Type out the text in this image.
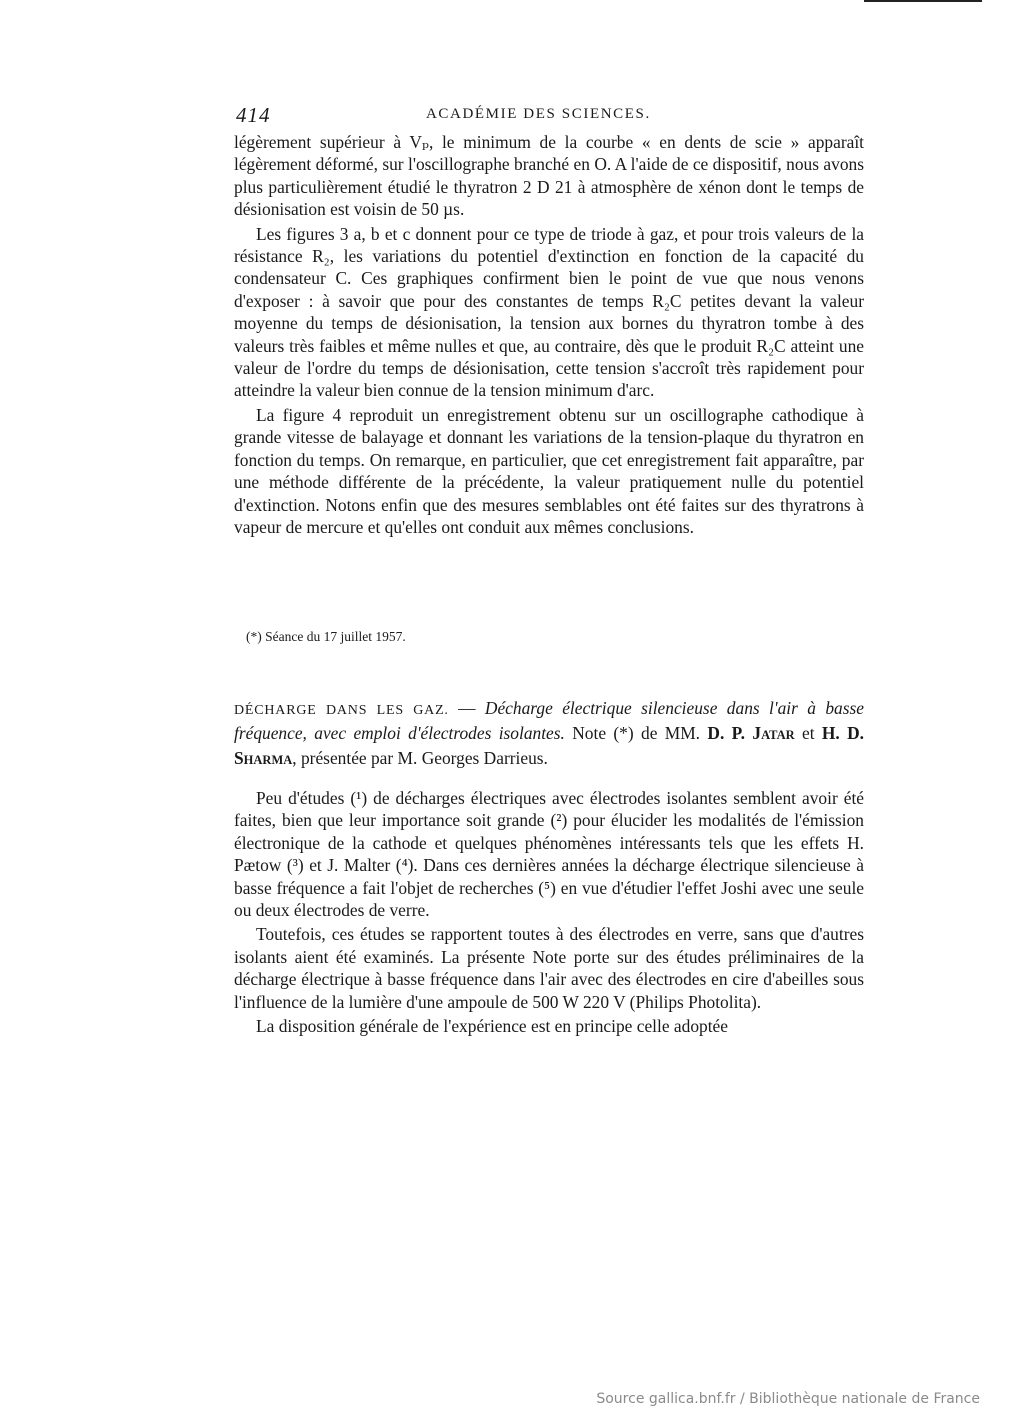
414	ACADÉMIE DES SCIENCES.

légèrement supérieur à Vₚ, le minimum de la courbe « en dents de scie » apparaît légèrement déformé, sur l'oscillographe branché en O. A l'aide de ce dispositif, nous avons plus particulièrement étudié le thyratron 2 D 21 à atmosphère de xénon dont le temps de désionisation est voisin de 50 µs.

Les figures 3 a, b et c donnent pour ce type de triode à gaz, et pour trois valeurs de la résistance R₂, les variations du potentiel d'extinction en fonction de la capacité du condensateur C. Ces graphiques confirment bien le point de vue que nous venons d'exposer : à savoir que pour des constantes de temps R₂C petites devant la valeur moyenne du temps de désionisation, la tension aux bornes du thyratron tombe à des valeurs très faibles et même nulles et que, au contraire, dès que le produit R₂C atteint une valeur de l'ordre du temps de désionisation, cette tension s'accroît très rapidement pour atteindre la valeur bien connue de la tension minimum d'arc.

La figure 4 reproduit un enregistrement obtenu sur un oscillographe cathodique à grande vitesse de balayage et donnant les variations de la tension-plaque du thyratron en fonction du temps. On remarque, en particulier, que cet enregistrement fait apparaître, par une méthode différente de la précédente, la valeur pratiquement nulle du potentiel d'extinction. Notons enfin que des mesures semblables ont été faites sur des thyratrons à vapeur de mercure et qu'elles ont conduit aux mêmes conclusions.

(*) Séance du 17 juillet 1957.
DÉCHARGE DANS LES GAZ. — Décharge électrique silencieuse dans l'air à basse fréquence, avec emploi d'électrodes isolantes. Note (*) de MM. D. P. JATAR et H. D. SHARMA, présentée par M. Georges Darrieus.

Peu d'études (¹) de décharges électriques avec électrodes isolantes semblent avoir été faites, bien que leur importance soit grande (²) pour élucider les modalités de l'émission électronique de la cathode et quelques phénomènes intéressants tels que les effets H. Pætow (³) et J. Malter (⁴). Dans ces dernières années la décharge électrique silencieuse à basse fréquence a fait l'objet de recherches (⁵) en vue d'étudier l'effet Joshi avec une seule ou deux électrodes de verre.

Toutefois, ces études se rapportent toutes à des électrodes en verre, sans que d'autres isolants aient été examinés. La présente Note porte sur des études préliminaires de la décharge électrique à basse fréquence dans l'air avec des électrodes en cire d'abeilles sous l'influence de la lumière d'une ampoule de 500 W 220 V (Philips Photolita).

La disposition générale de l'expérience est en principe celle adoptée

Source gallica.bnf.fr / Bibliothèque nationale de France
